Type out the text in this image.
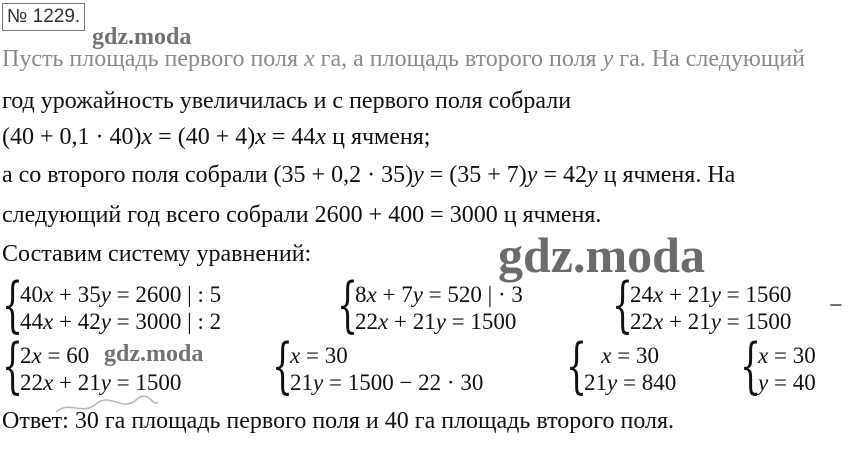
№ 1229.
Пусть площадь первого поля x га, а площадь второго поля y га. На следующий
год урожайность увеличилась и с первого поля собрали
(40 + 0,1 · 40)x = (40 + 4)x = 44x ц ячменя;
а со второго поля собрали (35 + 0,2 · 35)y = (35 + 7)y = 42y ц ячменя. На
следующий год всего собрали 2600 + 400 = 3000 ц ячменя.
Составим систему уравнений:
{
40x + 35y = 2600 | : 5
44x + 42y = 3000 | : 2 {
8x + 7y = 520 | · 3
22x + 21y = 1500 {
24x + 21y = 1560
22x + 21y = 1500
−
{
2x = 60
22x + 21y = 1500 {
x = 30
21y = 1500 − 22 · 30 { x = 30
21y = 840 {
x = 30
y = 40
Ответ: 30 га площадь первого поля и 40 га площадь второго поля.
gdz.moda
gdz.moda
gdz.moda
